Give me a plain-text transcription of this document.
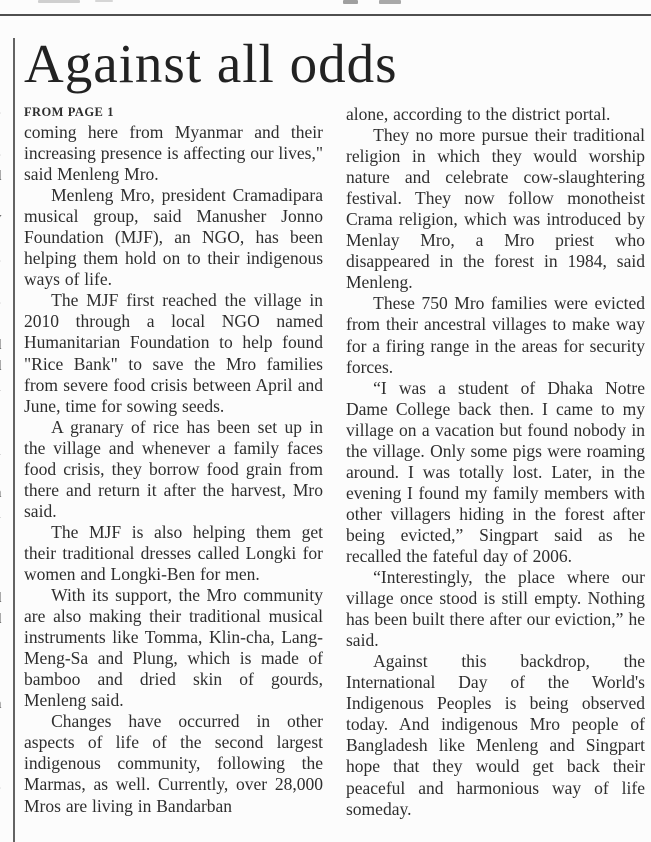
Against all odds
FROM PAGE 1

coming here from Myanmar and their increasing presence is affecting our lives," said Menleng Mro.

Menleng Mro, president Cramadipara musical group, said Manusher Jonno Foundation (MJF), an NGO, has been helping them hold on to their indigenous ways of life.

The MJF first reached the village in 2010 through a local NGO named Humanitarian Foundation to help found "Rice Bank" to save the Mro families from severe food crisis between April and June, time for sowing seeds.

A granary of rice has been set up in the village and whenever a family faces food crisis, they borrow food grain from there and return it after the harvest, Mro said.

The MJF is also helping them get their traditional dresses called Longki for women and Longki-Ben for men.

With its support, the Mro community are also making their traditional musical instruments like Tomma, Klin-cha, Lang-Meng-Sa and Plung, which is made of bamboo and dried skin of gourds, Menleng said.

Changes have occurred in other aspects of life of the second largest indigenous community, following the Marmas, as well. Currently, over 28,000 Mros are living in Bandarban

alone, according to the district portal.

They no more pursue their traditional religion in which they would worship nature and celebrate cow-slaughtering festival. They now follow monotheist Crama religion, which was introduced by Menlay Mro, a Mro priest who disappeared in the forest in 1984, said Menleng.

These 750 Mro families were evicted from their ancestral villages to make way for a firing range in the areas for security forces.

“I was a student of Dhaka Notre Dame College back then. I came to my village on a vacation but found nobody in the village. Only some pigs were roaming around. I was totally lost. Later, in the evening I found my family members with other villagers hiding in the forest after being evicted,” Singpart said as he recalled the fateful day of 2006.

“Interestingly, the place where our village once stood is still empty. Nothing has been built there after our eviction,” he said.

Against this backdrop, the International Day of the World's Indigenous Peoples is being observed today. And indigenous Mro people of Bangladesh like Menleng and Singpart hope that they would get back their peaceful and harmonious way of life someday.
